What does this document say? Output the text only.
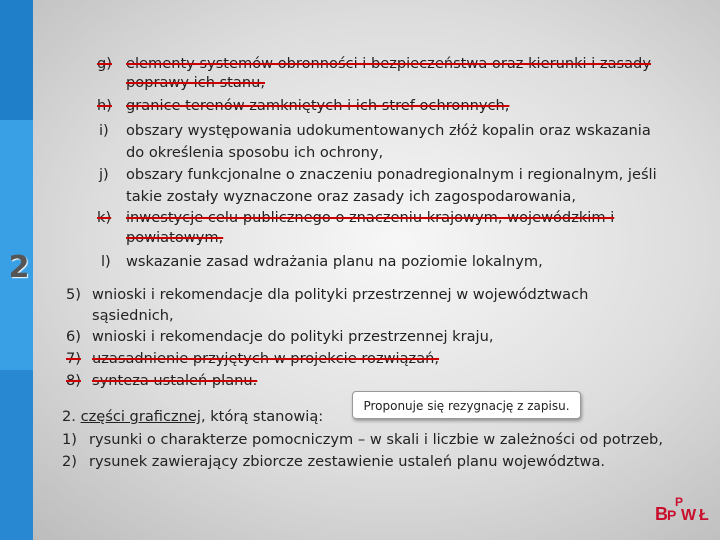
2
g) elementy systemów obronności i bezpieczeństwa oraz kierunki i zasady
poprawy ich stanu,
h) granice terenów zamkniętych i ich stref ochronnych,
i) obszary występowania udokumentowanych złóż kopalin oraz wskazania
do określenia sposobu ich ochrony,
j) obszary funkcjonalne o znaczeniu ponadregionalnym i regionalnym, jeśli
takie zostały wyznaczone oraz zasady ich zagospodarowania,
k) inwestycje celu publicznego o znaczeniu krajowym, wojewódzkim i
powiatowym,
l) wskazanie zasad wdrażania planu na poziomie lokalnym,
5) wnioski i rekomendacje dla polityki przestrzennej w województwach
sąsiednich,
6) wnioski i rekomendacje do polityki przestrzennej kraju,
7) uzasadnienie przyjętych w projekcie rozwiązań,
8) synteza ustaleń planu.
Proponuje się rezygnację z zapisu.
2. części graficznej, którą stanowią:
1) rysunki o charakterze pomocniczym – w skali i liczbie w zależności od potrzeb,
2) rysunek zawierający zbiorcze zestawienie ustaleń planu województwa.
B P
P
W Ł
